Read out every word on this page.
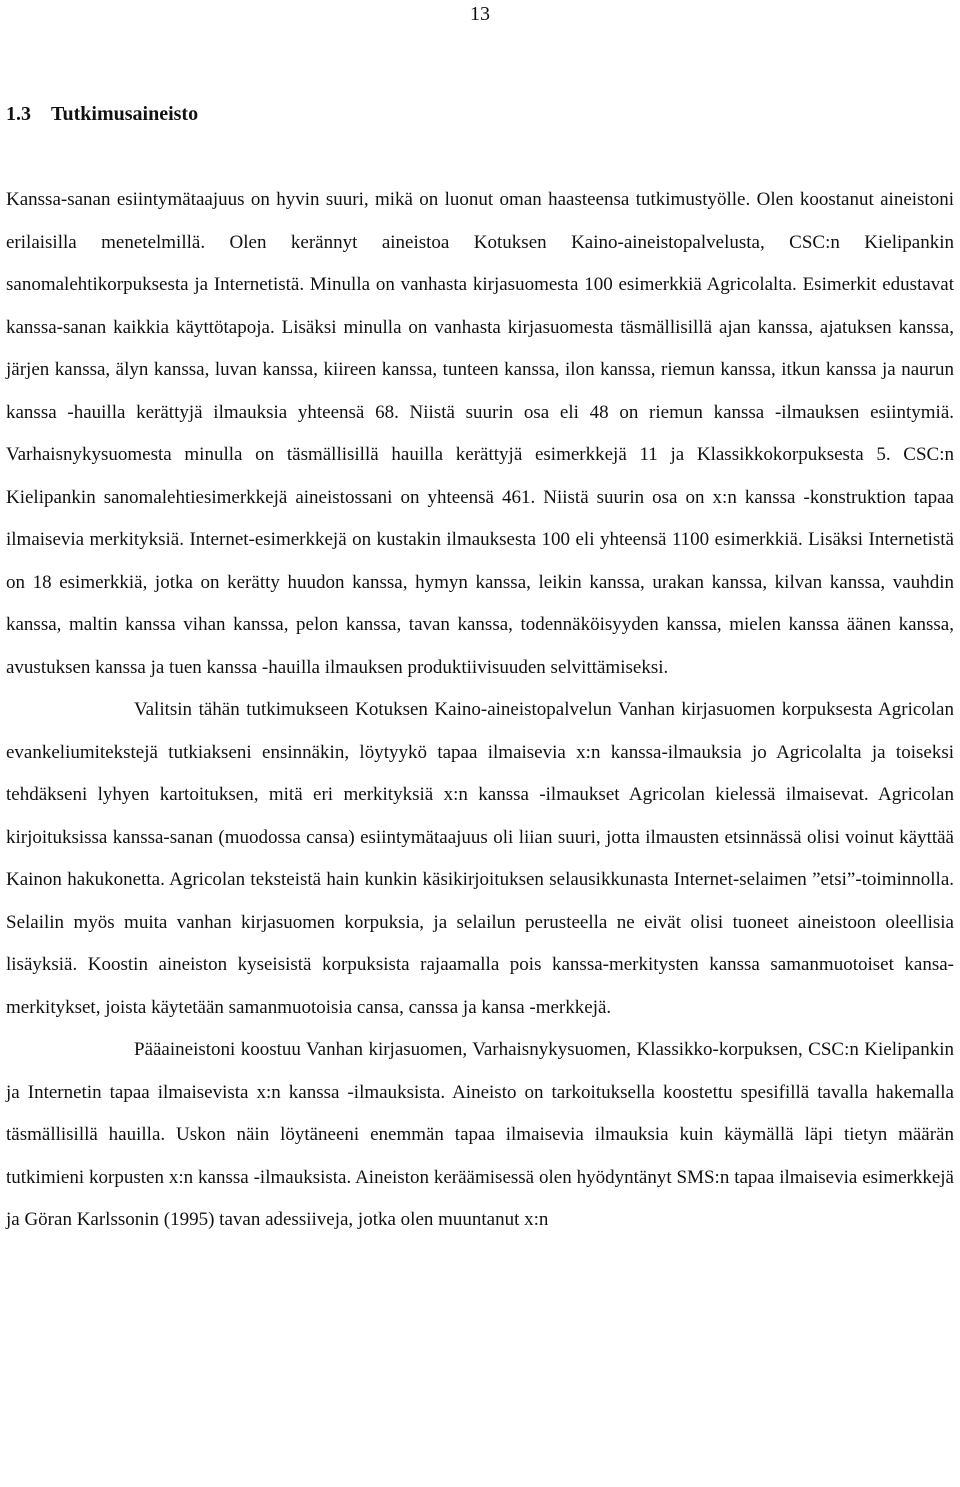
13
1.3 Tutkimusaineisto

Kanssa-sanan esiintymätaajuus on hyvin suuri, mikä on luonut oman haasteensa tutkimustyölle. Olen koostanut aineistoni erilaisilla menetelmillä. Olen kerännyt aineistoa Kotuksen Kaino-aineistopalvelusta, CSC:n Kielipankin sanomalehtikorpuksesta ja Internetistä. Minulla on vanhasta kirjasuomesta 100 esimerkkiä Agricolalta. Esimerkit edustavat kanssa-sanan kaikkia käyttötapoja. Lisäksi minulla on vanhasta kirjasuomesta täsmällisillä ajan kanssa, ajatuksen kanssa, järjen kanssa, älyn kanssa, luvan kanssa, kiireen kanssa, tunteen kanssa, ilon kanssa, riemun kanssa, itkun kanssa ja naurun kanssa -hauilla kerättyjä ilmauksia yhteensä 68. Niistä suurin osa eli 48 on riemun kanssa -ilmauksen esiintymiä. Varhaisnykysuomesta minulla on täsmällisillä hauilla kerättyjä esimerkkejä 11 ja Klassikkokorpuksesta 5. CSC:n Kielipankin sanomalehtiesimerkkejä aineistossani on yhteensä 461. Niistä suurin osa on x:n kanssa -konstruktion tapaa ilmaisevia merkityksiä. Internet-esimerkkejä on kustakin ilmauksesta 100 eli yhteensä 1100 esimerkkiä. Lisäksi Internetistä on 18 esimerkkiä, jotka on kerätty huudon kanssa, hymyn kanssa, leikin kanssa, urakan kanssa, kilvan kanssa, vauhdin kanssa, maltin kanssa vihan kanssa, pelon kanssa, tavan kanssa, todennäköisyyden kanssa, mielen kanssa äänen kanssa, avustuksen kanssa ja tuen kanssa -hauilla ilmauksen produktiivisuuden selvittämiseksi.

Valitsin tähän tutkimukseen Kotuksen Kaino-aineistopalvelun Vanhan kirjasuomen korpuksesta Agricolan evankeliumitekstejä tutkiakseni ensinnäkin, löytyykö tapaa ilmaisevia x:n kanssa-ilmauksia jo Agricolalta ja toiseksi tehdäkseni lyhyen kartoituksen, mitä eri merkityksiä x:n kanssa -ilmaukset Agricolan kielessä ilmaisevat. Agricolan kirjoituksissa kanssa-sanan (muodossa cansa) esiintymätaajuus oli liian suuri, jotta ilmausten etsinnässä olisi voinut käyttää Kainon hakukonetta. Agricolan teksteistä hain kunkin käsikirjoituksen selausikkunasta Internet-selaimen ”etsi”-toiminnolla. Selailin myös muita vanhan kirjasuomen korpuksia, ja selailun perusteella ne eivät olisi tuoneet aineistoon oleellisia lisäyksiä. Koostin aineiston kyseisistä korpuksista rajaamalla pois kanssa-merkitysten kanssa samanmuotoiset kansa-merkitykset, joista käytetään samanmuotoisia cansa, canssa ja kansa -merkkejä.

Pääaineistoni koostuu Vanhan kirjasuomen, Varhaisnykysuomen, Klassikko-korpuksen, CSC:n Kielipankin ja Internetin tapaa ilmaisevista x:n kanssa -ilmauksista. Aineisto on tarkoituksella koostettu spesifillä tavalla hakemalla täsmällisillä hauilla. Uskon näin löytäneeni enemmän tapaa ilmaisevia ilmauksia kuin käymällä läpi tietyn määrän tutkimieni korpusten x:n kanssa -ilmauksista. Aineiston keräämisessä olen hyödyntänyt SMS:n tapaa ilmaisevia esimerkkejä ja Göran Karlssonin (1995) tavan adessiiveja, jotka olen muuntanut x:n
